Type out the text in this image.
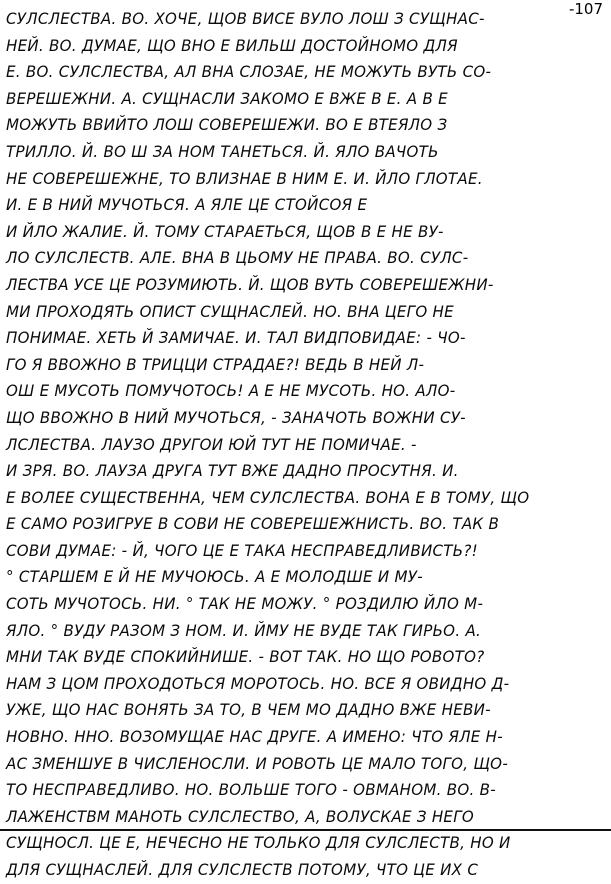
-107
СУЛСЛЕСТВА. ВО. ХОЧЕ, ЩОВ ВИСЕ ВУЛО ЛОШ З СУЩНАС-
НЕЙ. ВО. ДУМАЕ, ЩО ВНО Е ВИЛЬШ ДОСТОЙНОМО ДЛЯ
Е. ВО. СУЛСЛЕСТВА, АЛ ВНА СЛОЗАЕ, НЕ МОЖУТЬ ВУТЬ СО-
ВЕРЕШЕЖНИ. А. СУЩНАСЛИ ЗАКОМО Е ВЖЕ В Е. А В Е
МОЖУТЬ ВВИЙТО ЛОШ СОВЕРЕШЕЖИ. ВО Е ВТЕЯЛО З
ТРИЛЛО. Й. ВО Ш ЗА НОМ ТАНЕТЬСЯ. Й. ЯЛО ВАЧОТЬ
НЕ СОВЕРЕШЕЖНЕ, ТО ВЛИЗНАЕ В НИМ Е. И. ЙЛО ГЛОТАЕ.
И. Е В НИЙ МУЧОТЬСЯ. А ЯЛЕ ЦЕ СТОЙСОЯ Е
И ЙЛО ЖАЛИЕ. Й. ТОМУ СТАРАЕТЬСЯ, ЩОВ В Е НЕ ВУ-
ЛО СУЛСЛЕСТВ. АЛЕ. ВНА В ЦЬОМУ НЕ ПРАВА. ВО. СУЛС-
ЛЕСТВА УСЕ ЦЕ РОЗУМИЮТЬ. Й. ЩОВ ВУТЬ СОВЕРЕШЕЖНИ-
МИ ПРОХОДЯТЬ ОПИСТ СУЩНАСЛЕЙ. НО. ВНА ЦЕГО НЕ
ПОНИМАЕ. ХЕТЬ Й ЗАМИЧАЕ. И. ТАЛ ВИДПОВИДАЕ: - ЧО-
ГО Я ВВОЖНО В ТРИЦЦИ СТРАДАЕ?! ВЕДЬ В НЕЙ Л-
ОШ Е МУСОТЬ ПОМУЧОТОСЬ! А Е НЕ МУСОТЬ. НО. АЛО-
ЩО ВВОЖНО В НИЙ МУЧОТЬСЯ, - ЗАНАЧОТЬ ВОЖНИ СУ-
ЛСЛЕСТВА. ЛАУЗО ДРУГОИ ЮЙ ТУТ НЕ ПОМИЧАЕ. -
И ЗРЯ. ВО. ЛАУЗА ДРУГА ТУТ ВЖЕ ДАДНО ПРОСУТНЯ. И.
Е ВОЛЕЕ СУЩЕСТВЕННА, ЧЕМ СУЛСЛЕСТВА. ВОНА Е В ТОМУ, ЩО
Е САМО РОЗИГРУЕ В СОВИ НЕ СОВЕРЕШЕЖНИСТЬ. ВО. ТАК В
СОВИ ДУМАЕ: - Й, ЧОГО ЦЕ Е ТАКА НЕСПРАВЕДЛИВИСТЬ?!
° СТАРШЕМ Е Й НЕ МУЧОЮСЬ. А Е МОЛОДШЕ И МУ-
СОТЬ МУЧОТОСЬ. НИ. ° ТАК НЕ МОЖУ. ° РОЗДИЛЮ ЙЛО М-
ЯЛО. ° ВУДУ РАЗОМ З НОМ. И. ЙМУ НЕ ВУДЕ ТАК ГИРЬО. А.
МНИ ТАК ВУДЕ СПОКИЙНИШЕ. - ВОТ ТАК. НО ЩО РОВОТО?
НАМ З ЦОМ ПРОХОДОТЬСЯ МОРОТОСЬ. НО. ВСЕ Я ОВИДНО Д-
УЖЕ, ЩО НАС ВОНЯТЬ ЗА ТО, В ЧЕМ МО ДАДНО ВЖЕ НЕВИ-
НОВНО. ННО. ВОЗОМУЩАЕ НАС ДРУГЕ. А ИМЕНО: ЧТО ЯЛЕ Н-
АС ЗМЕНШУЕ В ЧИСЛЕНОСЛИ. И РОВОТЬ ЦЕ МАЛО ТОГО, ЩО-
ТО НЕСПРАВЕДЛИВО. НО. ВОЛЬШЕ ТОГО - ОВМАНОМ. ВО. В-
ЛАЖЕНСТВМ МАНОТЬ СУЛСЛЕСТВО, А, ВОЛУСКАЕ З НЕГО
СУЩНОСЛ. ЦЕ Е, НЕЧЕСНО НЕ ТОЛЬКО ДЛЯ СУЛСЛЕСТВ, НО И
ДЛЯ СУЩНАСЛЕЙ. ДЛЯ СУЛСЛЕСТВ ПОТОМУ, ЧТО ЦЕ ИХ С
